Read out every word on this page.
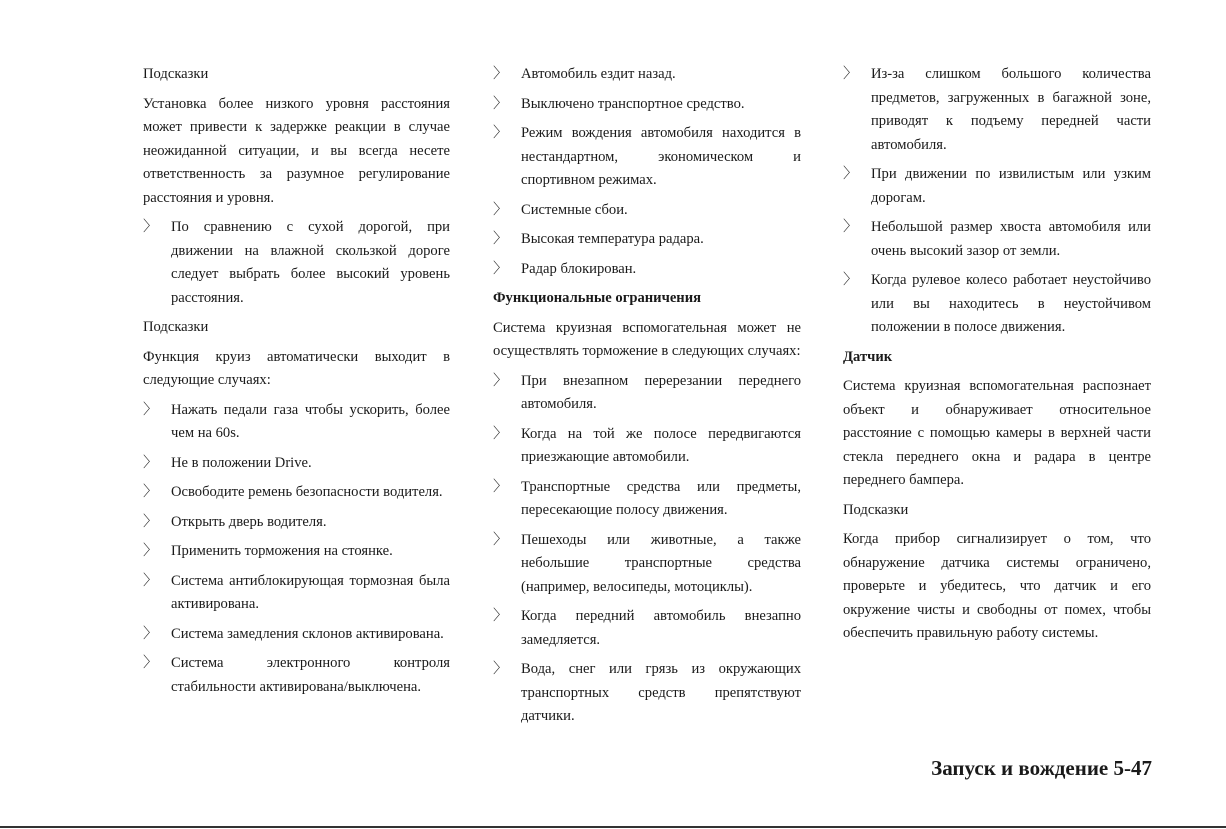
Подсказки
Установка более низкого уровня расстояния может привести к задержке реакции в случае неожиданной ситуации, и вы всегда несете ответственность за разумное регулирование расстояния и уровня.
〉 По сравнению с сухой дорогой, при движении на влажной скользкой дороге следует выбрать более высокий уровень расстояния.
Подсказки
Функция круиз автоматически выходит в следующие случаях:
〉 Нажать педали газа чтобы ускорить, более чем на 60s.
〉 Не в положении Drive.
〉 Освободите ремень безопасности водителя.
〉 Открыть дверь водителя.
〉 Применить торможения на стоянке.
〉 Система антиблокирующая тормозная была активирована.
〉 Система замедления склонов активирована.
〉 Система электронного контроля стабильности активирована/выключена.
〉 Автомобиль ездит назад.
〉 Выключено транспортное средство.
〉 Режим вождения автомобиля находится в нестандартном, экономическом и спортивном режимах.
〉 Системные сбои.
〉 Высокая температура радара.
〉 Радар блокирован.
Функциональные ограничения
Система круизная вспомогательная может не осуществлять торможение в следующих случаях:
〉 При внезапном перерезании переднего автомобиля.
〉 Когда на той же полосе передвигаются приезжающие автомобили.
〉 Транспортные средства или предметы, пересекающие полосу движения.
〉 Пешеходы или животные, а также небольшие транспортные средства (например, велосипеды, мотоциклы).
〉 Когда передний автомобиль внезапно замедляется.
〉 Вода, снег или грязь из окружающих транспортных средств препятствуют датчики.
〉 Из-за слишком большого количества предметов, загруженных в багажной зоне, приводят к подъему передней части автомобиля.
〉 При движении по извилистым или узким дорогам.
〉 Небольшой размер хвоста автомобиля или очень высокий зазор от земли.
〉 Когда рулевое колесо работает неустойчиво или вы находитесь в неустойчивом положении в полосе движения.
Датчик
Система круизная вспомогательная распознает объект и обнаруживает относительное расстояние с помощью камеры в верхней части стекла переднего окна и радара в центре переднего бампера.
Подсказки
Когда прибор сигнализирует о том, что обнаружение датчика системы ограничено, проверьте и убедитесь, что датчик и его окружение чисты и свободны от помех, чтобы обеспечить правильную работу системы.
Запуск и вождение 5-47
